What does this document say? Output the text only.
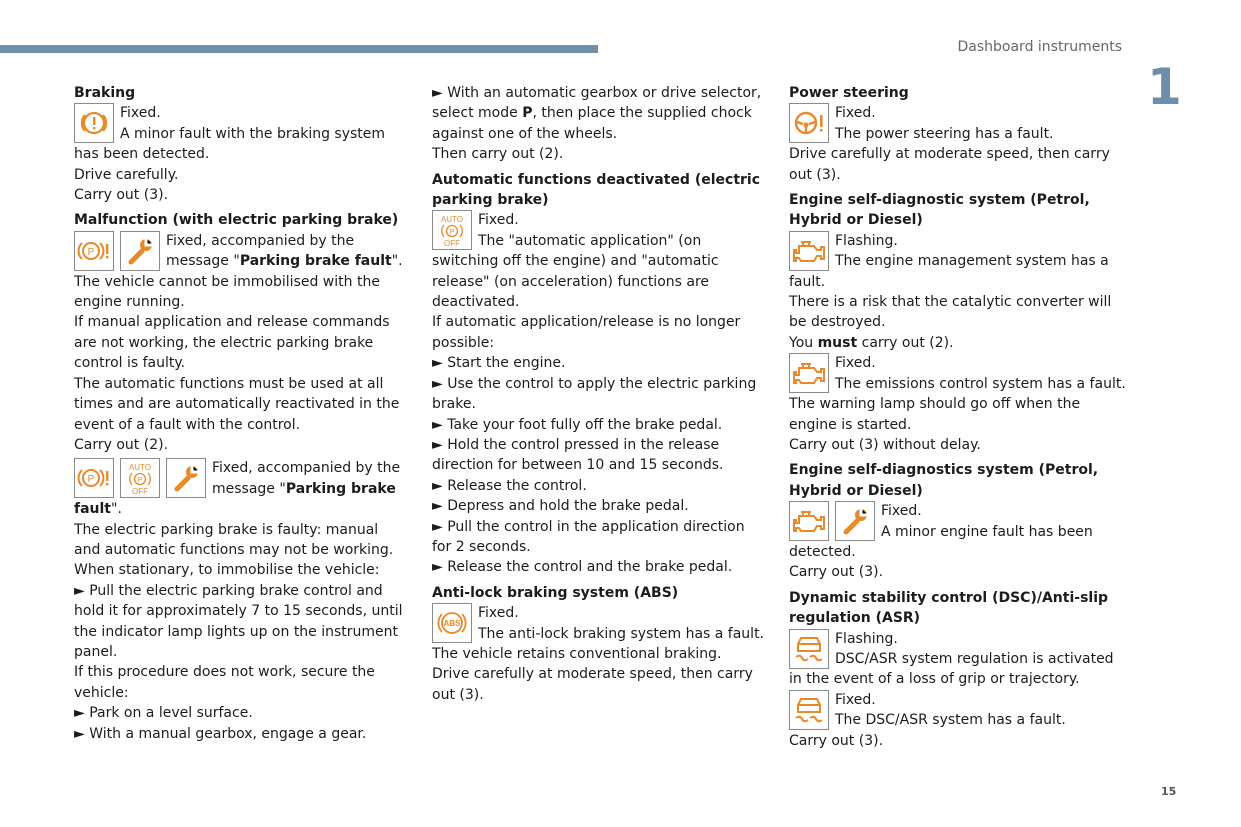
Dashboard instruments
1
15
Braking
Fixed.
A minor fault with the braking system has been detected.

Drive carefully.

Carry out (3).

Malfunction (with electric parking brake)
P
Fixed, accompanied by the message "Parking brake fault".

The vehicle cannot be immobilised with the engine running.

If manual application and release commands are not working, the electric parking brake control is faulty.

The automatic functions must be used at all times and are automatically reactivated in the event of a fault with the control.

Carry out (2).

P
AUTO
P
OFF
Fixed, accompanied by the message "Parking brake fault".

The electric parking brake is faulty: manual and automatic functions may not be working.

When stationary, to immobilise the vehicle:

► Pull the electric parking brake control and hold it for approximately 7 to 15 seconds, until the indicator lamp lights up on the instrument panel.

If this procedure does not work, secure the vehicle:

► Park on a level surface.

► With a manual gearbox, engage a gear.

► With an automatic gearbox or drive selector, select mode P, then place the supplied chock against one of the wheels.

Then carry out (2).

Automatic functions deactivated (electric parking brake)
AUTO
P
OFF
Fixed.
The "automatic application" (on switching off the engine) and "automatic release" (on acceleration) functions are deactivated.

If automatic application/release is no longer possible:

► Start the engine.

► Use the control to apply the electric parking brake.

► Take your foot fully off the brake pedal.

► Hold the control pressed in the release direction for between 10 and 15 seconds.

► Release the control.

► Depress and hold the brake pedal.

► Pull the control in the application direction for 2 seconds.

► Release the control and the brake pedal.

Anti-lock braking system (ABS)
ABS
Fixed.
The anti-lock braking system has a fault.

The vehicle retains conventional braking.

Drive carefully at moderate speed, then carry out (3).

Power steering
Fixed.
The power steering has a fault.

Drive carefully at moderate speed, then carry out (3).

Engine self-diagnostic system (Petrol, Hybrid or Diesel)
Flashing.
The engine management system has a fault.

There is a risk that the catalytic converter will be destroyed.

You must carry out (2).

Fixed.
The emissions control system has a fault.

The warning lamp should go off when the engine is started.

Carry out (3) without delay.

Engine self-diagnostics system (Petrol, Hybrid or Diesel)
Fixed.
A minor engine fault has been detected.

Carry out (3).

Dynamic stability control (DSC)/Anti-slip regulation (ASR)
Flashing.
DSC/ASR system regulation is activated in the event of a loss of grip or trajectory.
Fixed.
The DSC/ASR system has a fault.

Carry out (3).
